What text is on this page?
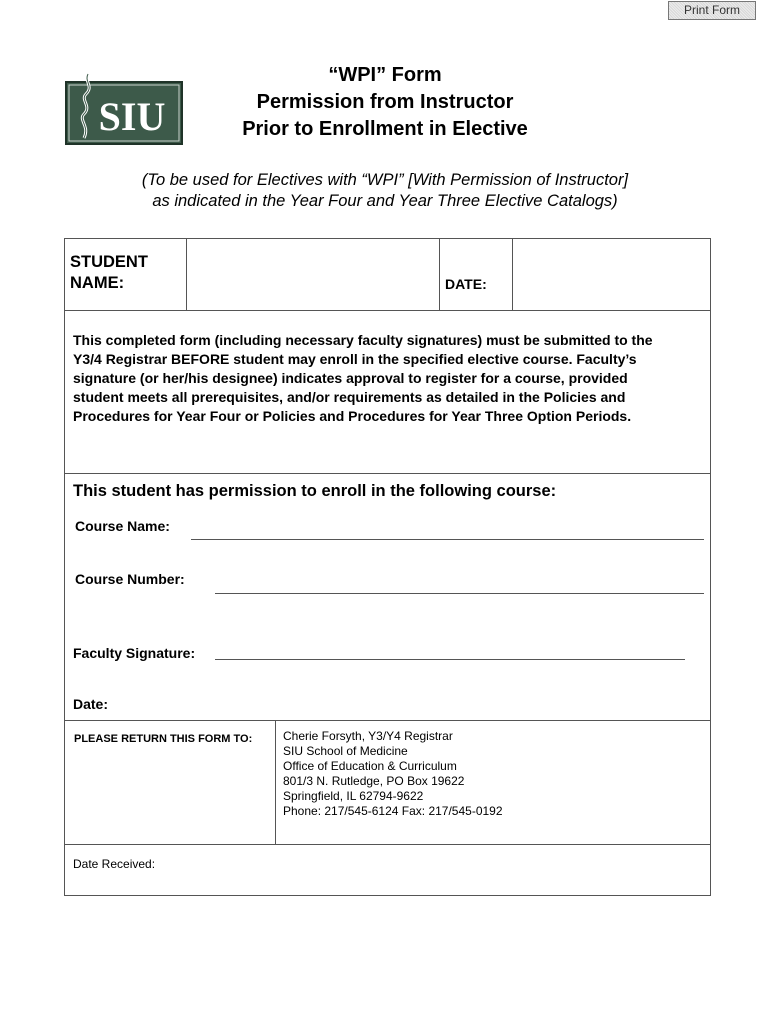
Print Form
SIU
“WPI” Form
Permission from Instructor
Prior to Enrollment in Elective
(To be used for Electives with “WPI” [With Permission of Instructor]
as indicated in the Year Four and Year Three Elective Catalogs)
STUDENT
NAME:	DATE:
This completed form (including necessary faculty signatures) must be submitted to the
Y3/4 Registrar BEFORE student may enroll in the specified elective course. Faculty’s
signature (or her/his designee) indicates approval to register for a course, provided
student meets all prerequisites, and/or requirements as detailed in the Policies and
Procedures for Year Four or Policies and Procedures for Year Three Option Periods.
This student has permission to enroll in the following course:
Course Name:
Course Number:
Faculty Signature:
Date:
PLEASE RETURN THIS FORM TO:	Cherie Forsyth, Y3/Y4 Registrar
SIU School of Medicine
Office of Education & Curriculum
801/3 N. Rutledge, PO Box 19622
Springfield, IL 62794-9622
Phone: 217/545-6124 Fax: 217/545-0192
Date Received:
